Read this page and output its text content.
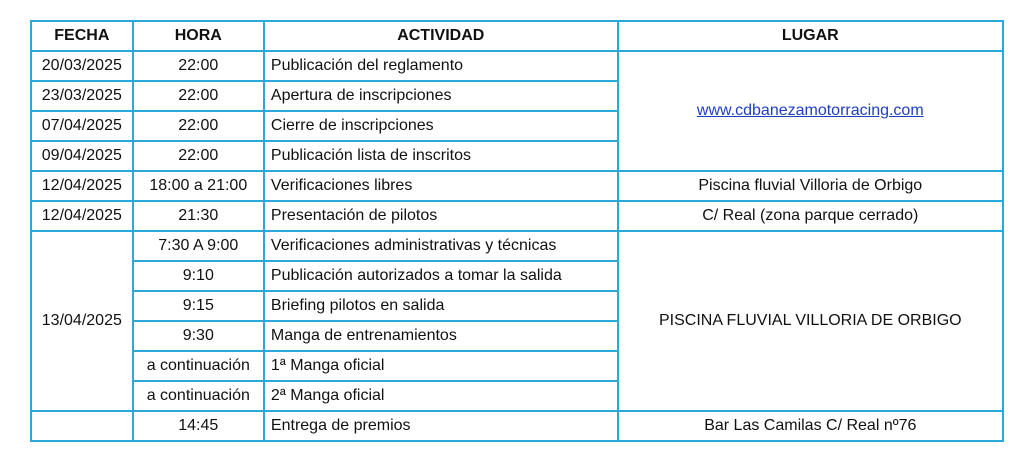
FECHA	HORA	ACTIVIDAD	LUGAR
20/03/2025	22:00	Publicación del reglamento	www.cdbanezamotorracing.com
23/03/2025	22:00	Apertura de inscripciones	
07/04/2025	22:00	Cierre de inscripciones	
09/04/2025	22:00	Publicación lista de inscritos	
12/04/2025	18:00 a 21:00	Verificaciones libres	Piscina fluvial Villoria de Orbigo
12/04/2025	21:30	Presentación de pilotos	C/ Real (zona parque cerrado)
13/04/2025	7:30 A 9:00	Verificaciones administrativas y técnicas	PISCINA FLUVIAL VILLORIA DE ORBIGO
	9:10	Publicación autorizados a tomar la salida	
	9:15	Briefing pilotos en salida	
	9:30	Manga de entrenamientos	
	a continuación	1ª Manga oficial	
	a continuación	2ª Manga oficial	
	14:45	Entrega de premios	Bar Las Camilas C/ Real nº76
